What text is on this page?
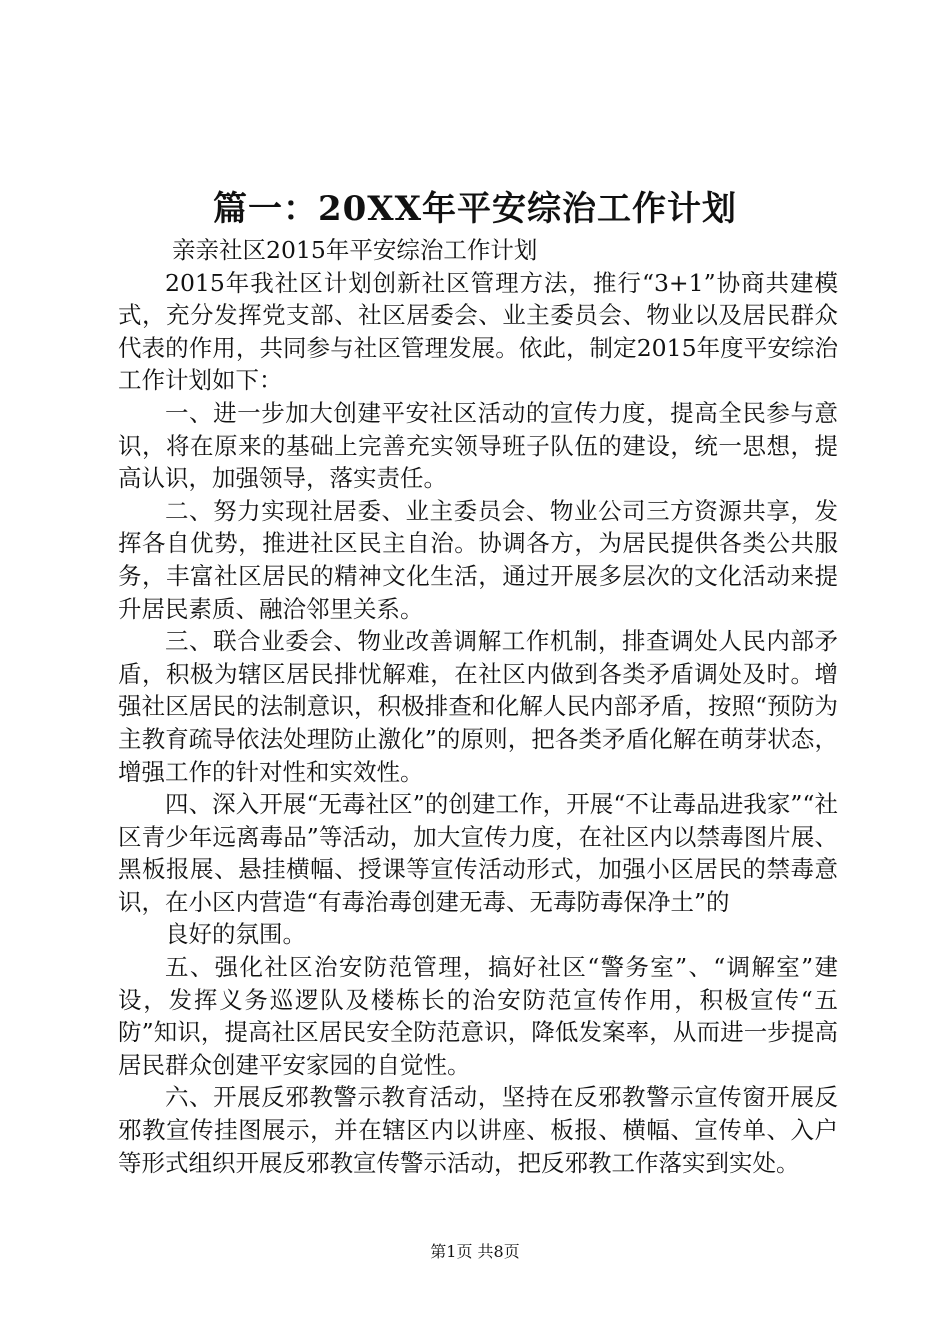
篇一：20XX年平安综治工作计划

亲亲社区2015年平安综治工作计划

2015年我社区计划创新社区管理方法，推行“3+1”协商共建模式，充分发挥党支部、社区居委会、业主委员会、物业以及居民群众代表的作用，共同参与社区管理发展。依此，制定2015年度平安综治工作计划如下：

一、进一步加大创建平安社区活动的宣传力度，提高全民参与意识，将在原来的基础上完善充实领导班子队伍的建设，统一思想，提高认识，加强领导，落实责任。

二、努力实现社居委、业主委员会、物业公司三方资源共享，发挥各自优势，推进社区民主自治。协调各方，为居民提供各类公共服务，丰富社区居民的精神文化生活，通过开展多层次的文化活动来提升居民素质、融洽邻里关系。

三、联合业委会、物业改善调解工作机制，排查调处人民内部矛盾，积极为辖区居民排忧解难，在社区内做到各类矛盾调处及时。增强社区居民的法制意识，积极排查和化解人民内部矛盾，按照“预防为主教育疏导依法处理防止激化”的原则，把各类矛盾化解在萌芽状态，增强工作的针对性和实效性。

四、深入开展“无毒社区”的创建工作，开展“不让毒品进我家”“社区青少年远离毒品”等活动，加大宣传力度，在社区内以禁毒图片展、黑板报展、悬挂横幅、授课等宣传活动形式，加强小区居民的禁毒意识，在小区内营造“有毒治毒创建无毒、无毒防毒保净土”的

良好的氛围。

五、强化社区治安防范管理，搞好社区“警务室”、“调解室”建设，发挥义务巡逻队及楼栋长的治安防范宣传作用，积极宣传“五防”知识，提高社区居民安全防范意识，降低发案率，从而进一步提高居民群众创建平安家园的自觉性。

六、开展反邪教警示教育活动，坚持在反邪教警示宣传窗开展反邪教宣传挂图展示，并在辖区内以讲座、板报、横幅、宣传单、入户等形式组织开展反邪教宣传警示活动，把反邪教工作落实到实处。

第1页 共8页
